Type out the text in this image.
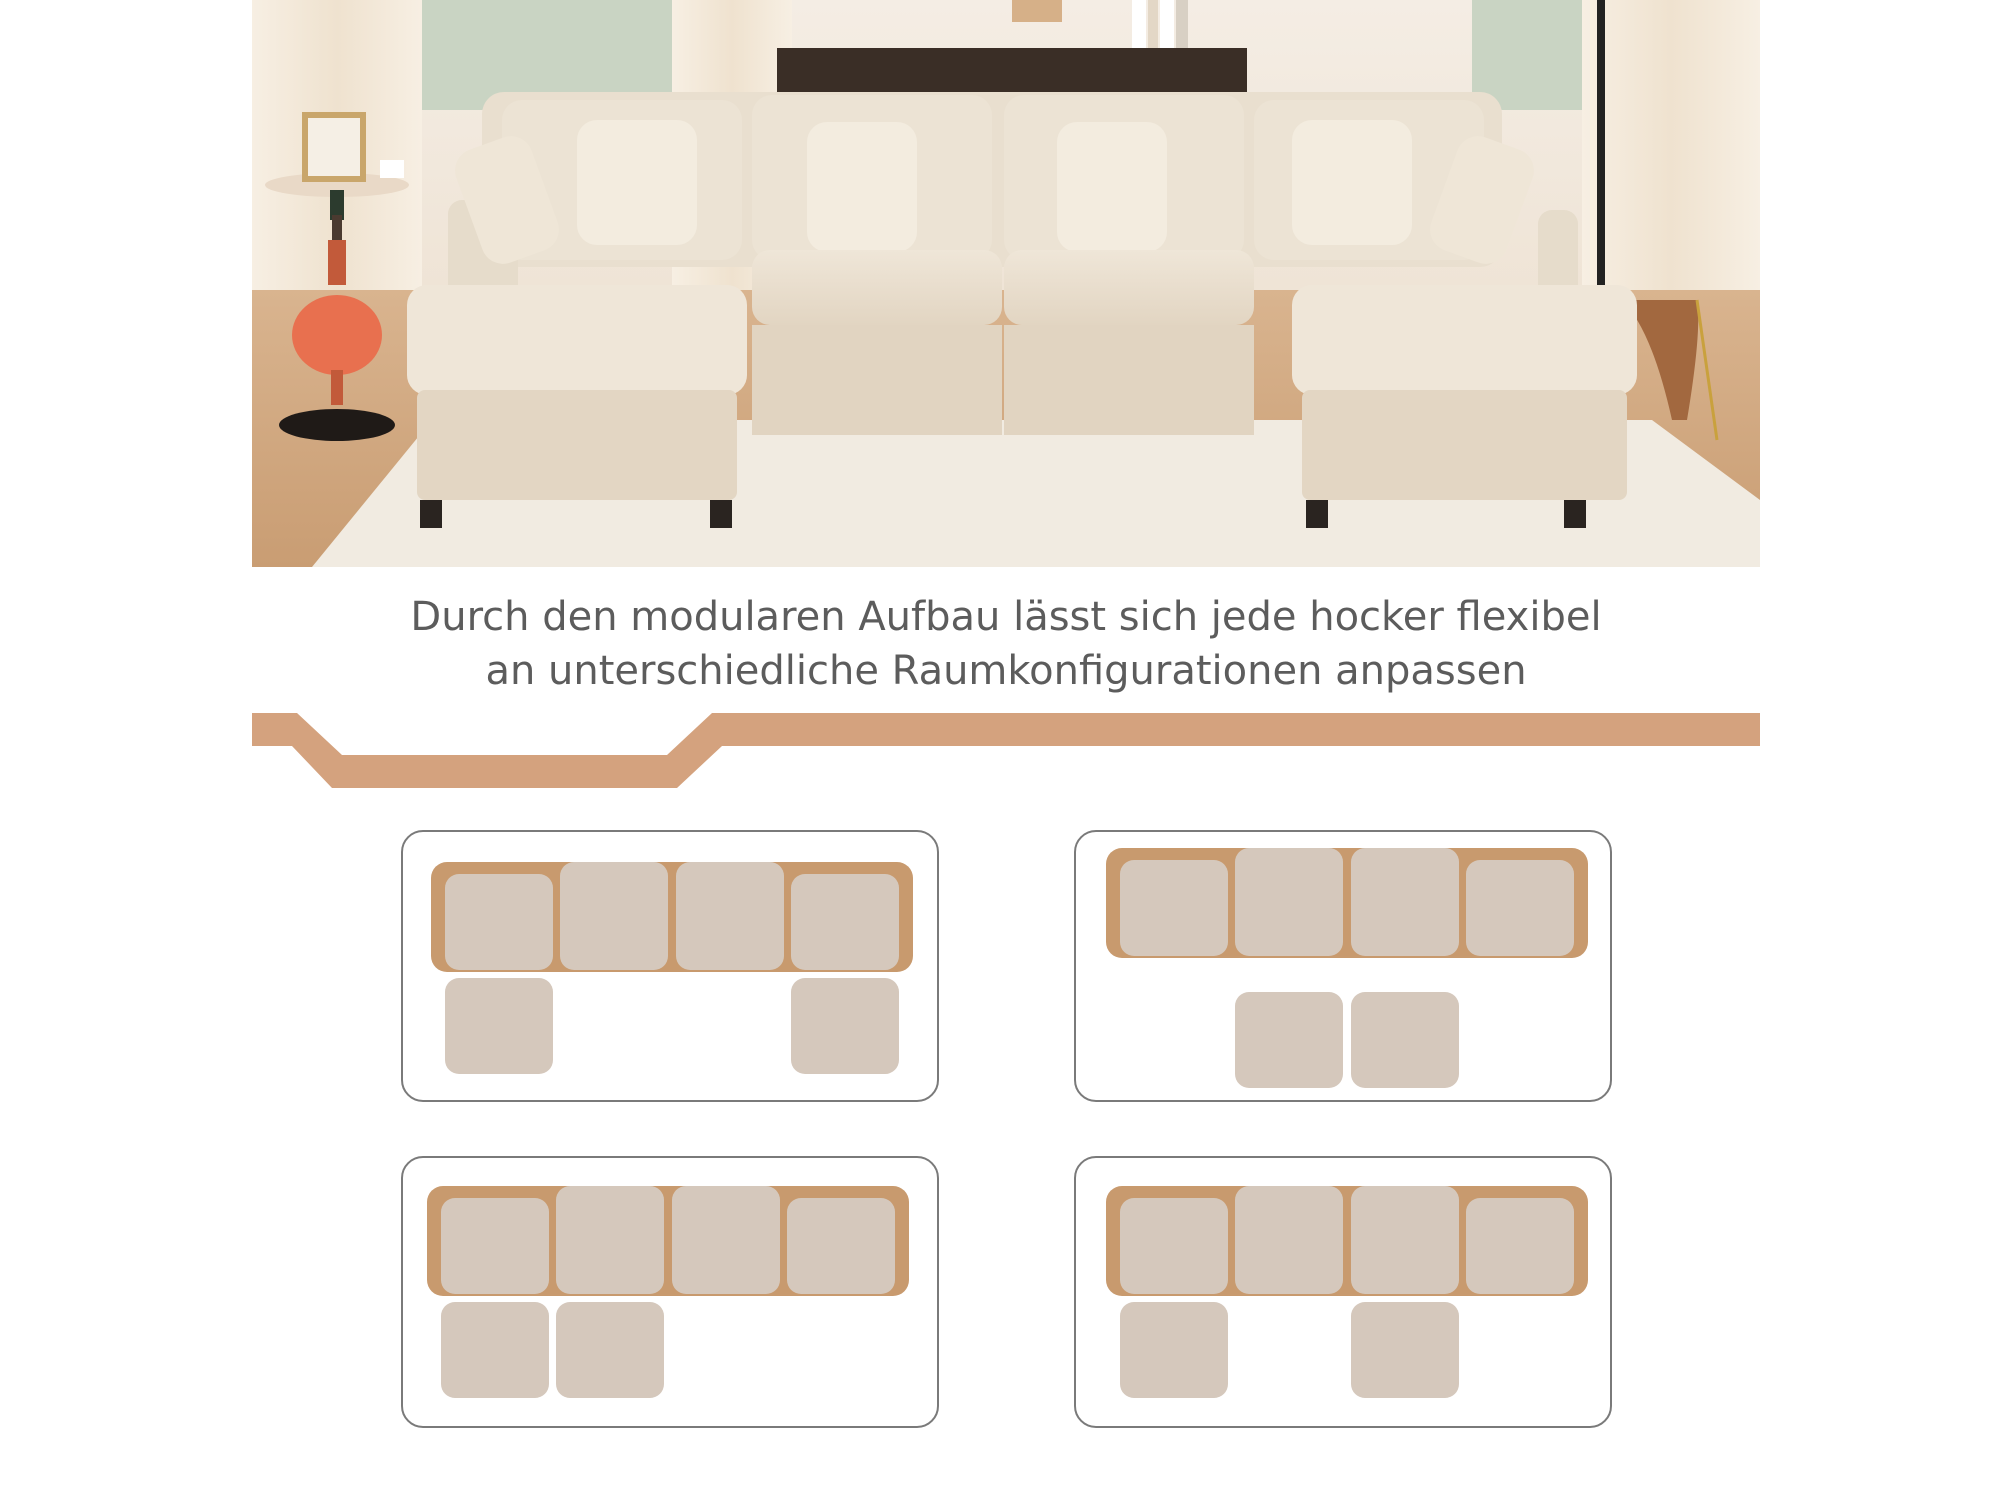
Durch den modularen Aufbau lässt sich jede hocker flexibel
an unterschiedliche Raumkonfigurationen anpassen
